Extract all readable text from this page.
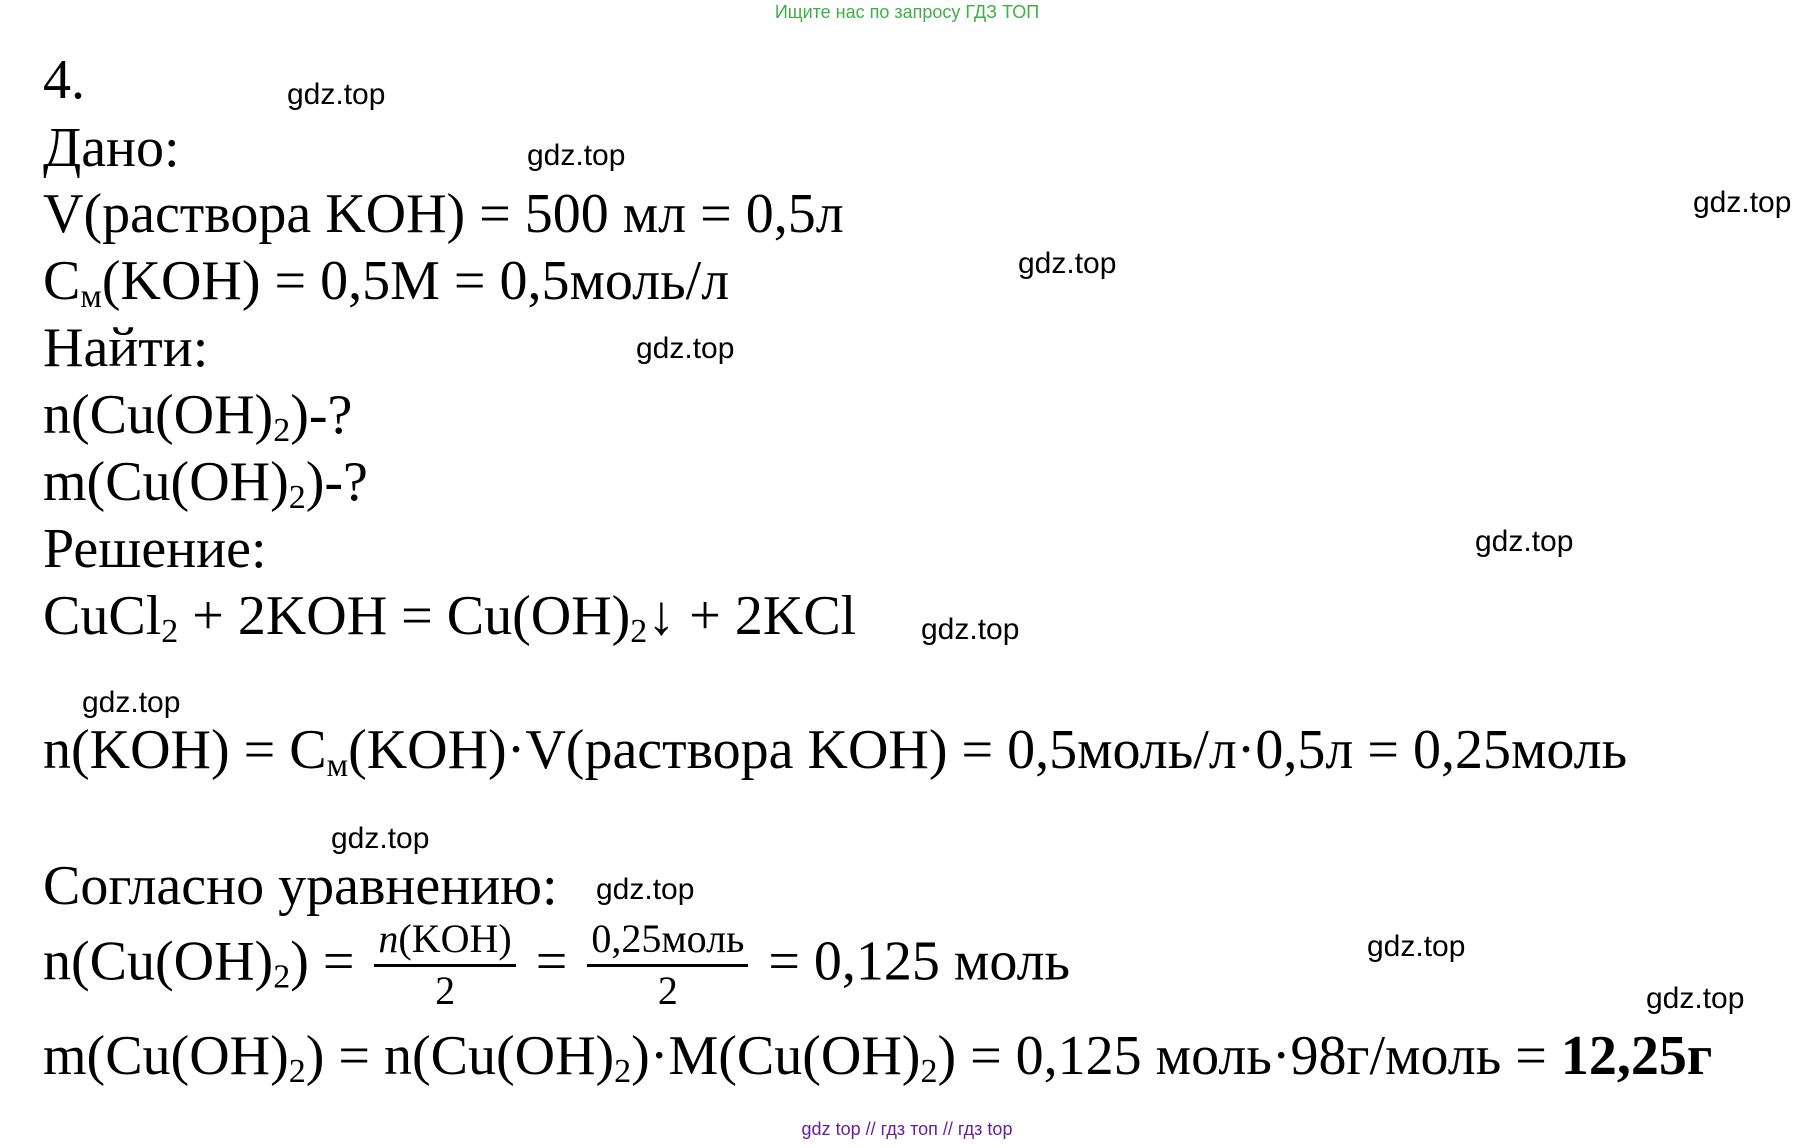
Ищите нас по запросу ГДЗ ТОП
gdz.top
gdz.top
gdz.top
gdz.top
gdz.top
gdz.top
gdz.top
gdz.top
gdz.top
gdz.top
gdz.top
gdz.top
4.
Дано:
V(раствора KOH) = 500 мл = 0,5л
$C_м(KOH) = 0,5М$ = 0,5моль/л
Найти:
$n(Cu(OH)_2)-$?
$m(Cu(OH)_2)-$?
Решение:
CuCl$_2$ + $2KOH = Cu(OH)_2↓ + 2KCl$
$n(KOH) = C_м(KOH)\cdot V(раствора$ KOH) = 0,5моль/л·0,5л = 0,25моль
Согласно уравнению:
$n(Cu(OH)_2) = \frac{\text{n(KOH)}}{2} = \frac{\text{0,25моль}}{2} = 0,125$ моль
$m(Cu(OH)_2) = n(Cu(OH)_2)\cdot M(Cu(OH)_2) = 0,125$ моль·98г/моль = 12,25г
gdz top // гдз топ // гдз top
